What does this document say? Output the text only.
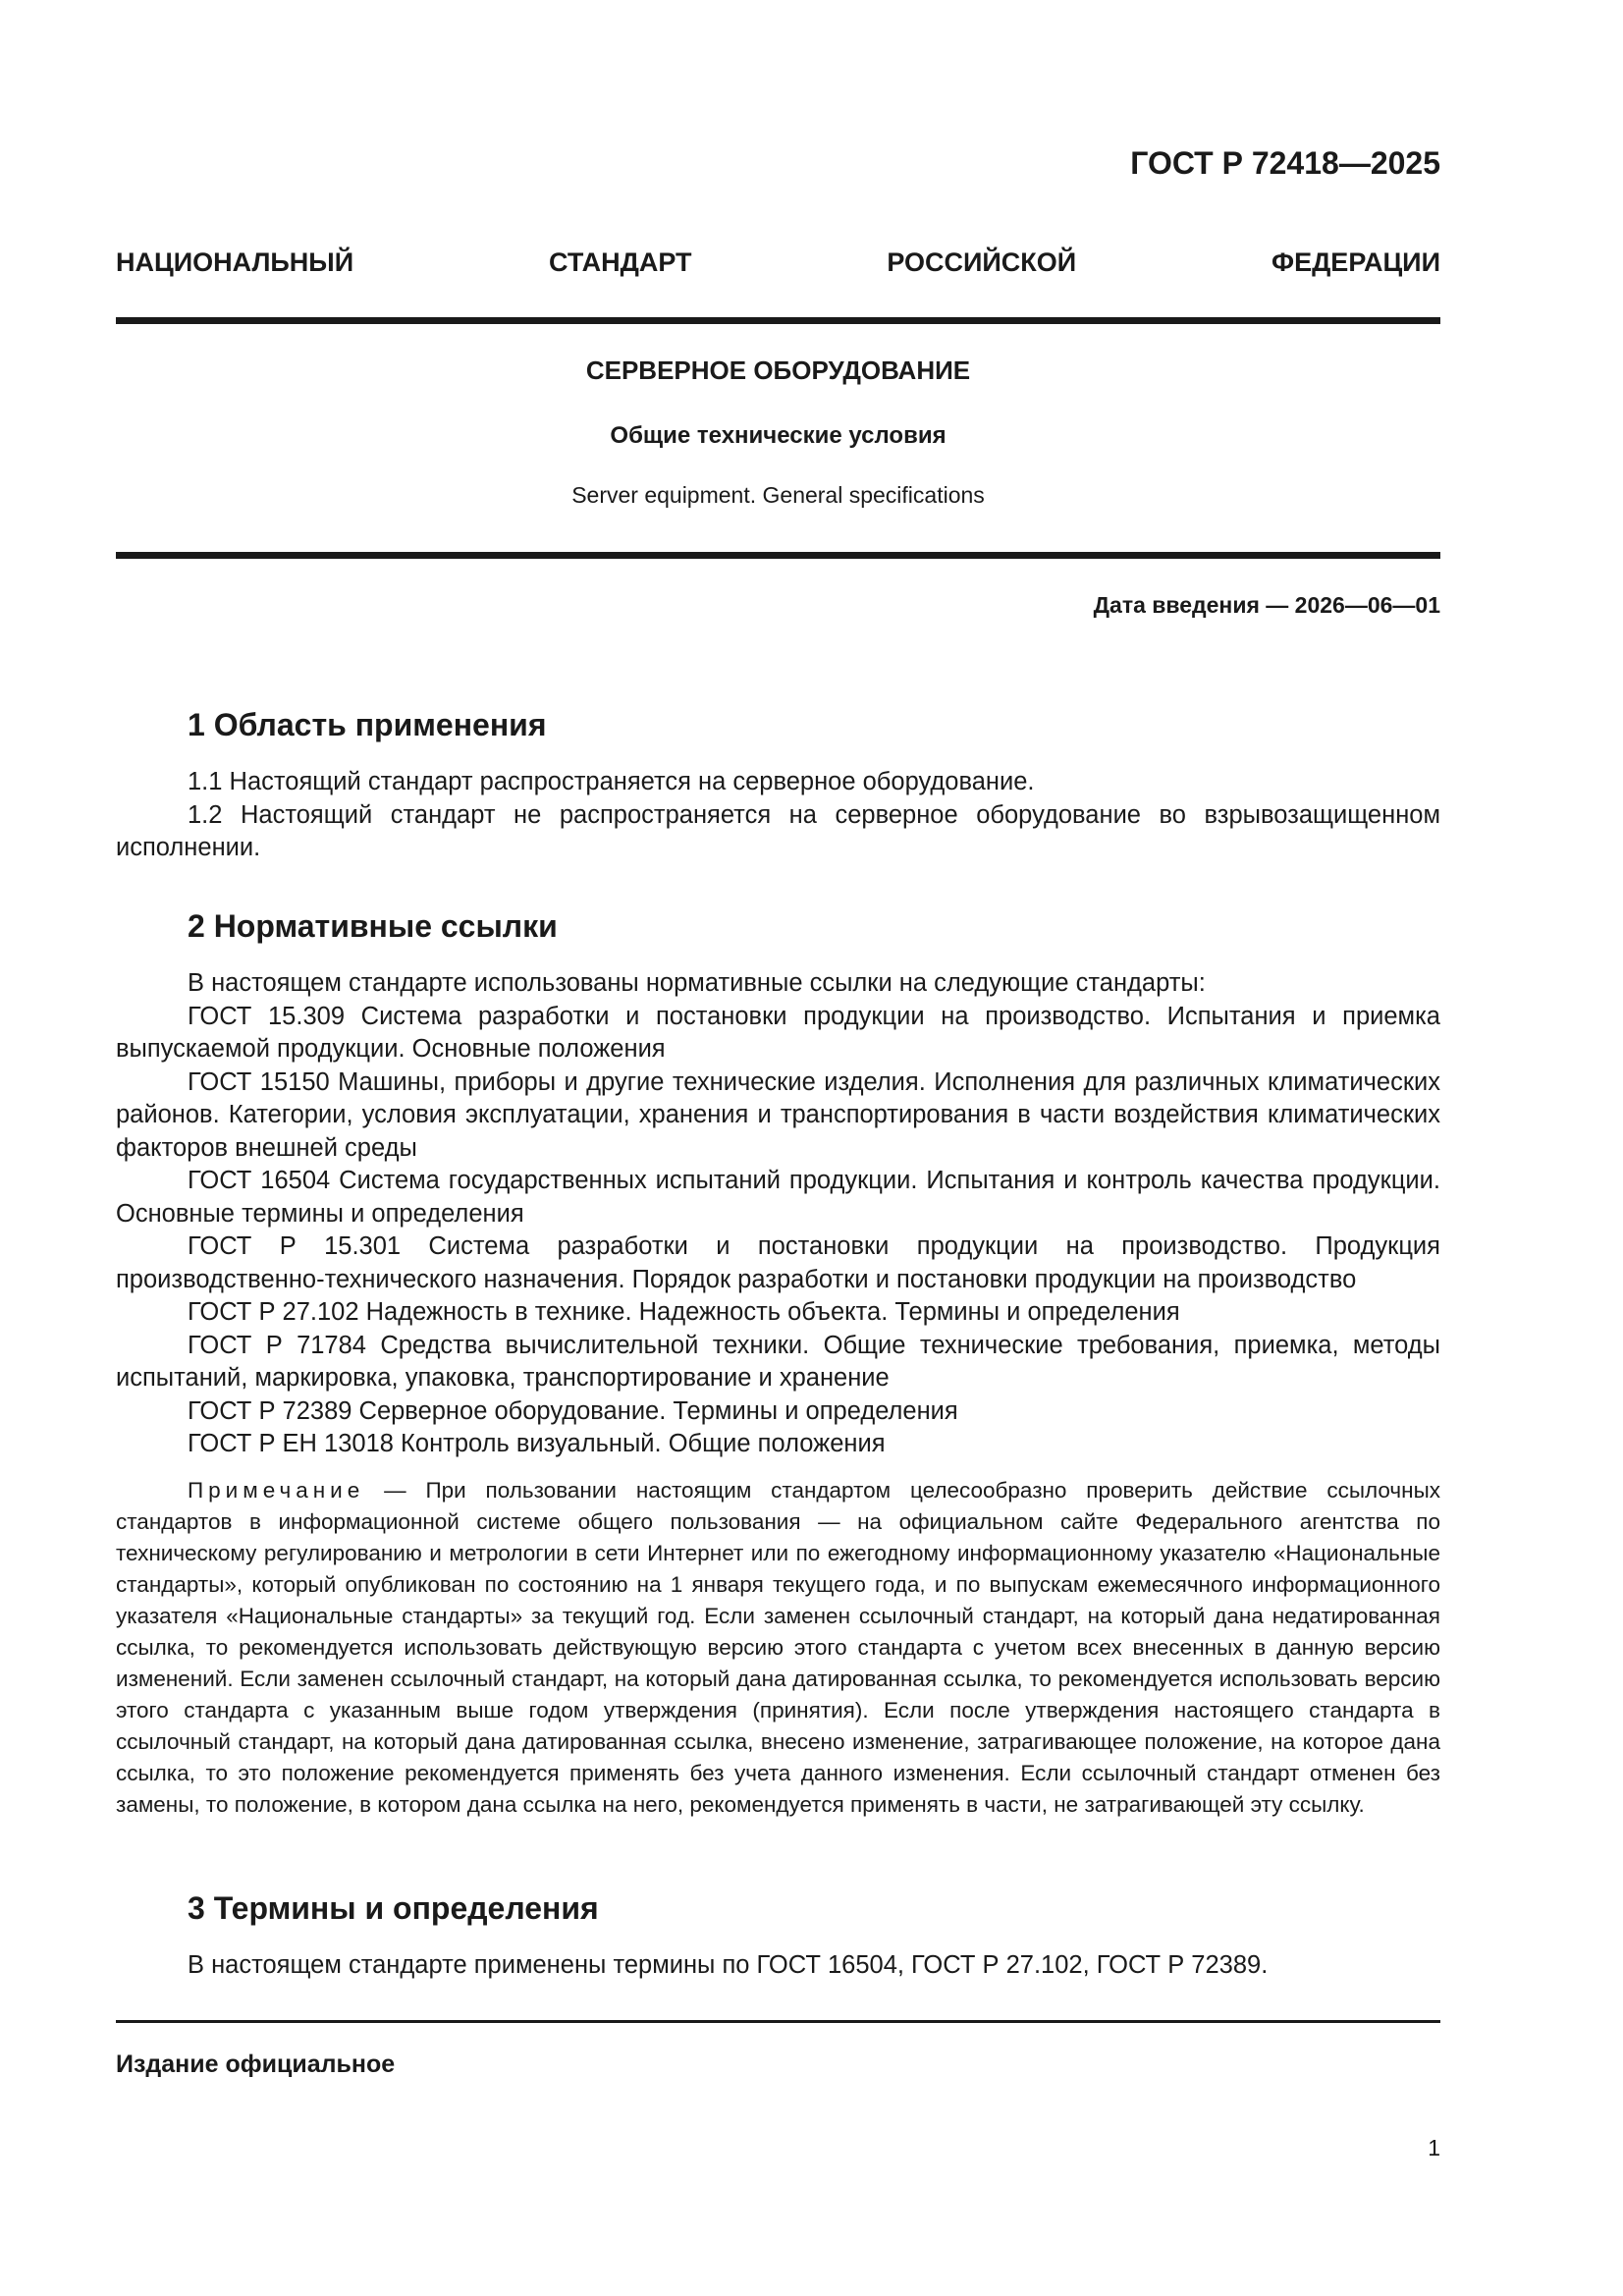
ГОСТ Р 72418—2025
НАЦИОНАЛЬНЫЙ СТАНДАРТ РОССИЙСКОЙ ФЕДЕРАЦИИ
СЕРВЕРНОЕ ОБОРУДОВАНИЕ
Общие технические условия
Server equipment. General specifications
Дата введения — 2026—06—01
1 Область применения

1.1 Настоящий стандарт распространяется на серверное оборудование.

1.2 Настоящий стандарт не распространяется на серверное оборудование во взрывозащищенном исполнении.

2 Нормативные ссылки

В настоящем стандарте использованы нормативные ссылки на следующие стандарты:

ГОСТ 15.309 Система разработки и постановки продукции на производство. Испытания и приемка выпускаемой продукции. Основные положения

ГОСТ 15150 Машины, приборы и другие технические изделия. Исполнения для различных климатических районов. Категории, условия эксплуатации, хранения и транспортирования в части воздействия климатических факторов внешней среды

ГОСТ 16504 Система государственных испытаний продукции. Испытания и контроль качества продукции. Основные термины и определения

ГОСТ Р 15.301 Система разработки и постановки продукции на производство. Продукция производственно-технического назначения. Порядок разработки и постановки продукции на производство

ГОСТ Р 27.102 Надежность в технике. Надежность объекта. Термины и определения

ГОСТ Р 71784 Средства вычислительной техники. Общие технические требования, приемка, методы испытаний, маркировка, упаковка, транспортирование и хранение

ГОСТ Р 72389 Серверное оборудование. Термины и определения

ГОСТ Р ЕН 13018 Контроль визуальный. Общие положения

Примечание — При пользовании настоящим стандартом целесообразно проверить действие ссылочных стандартов в информационной системе общего пользования — на официальном сайте Федерального агентства по техническому регулированию и метрологии в сети Интернет или по ежегодному информационному указателю «Национальные стандарты», который опубликован по состоянию на 1 января текущего года, и по выпускам ежемесячного информационного указателя «Национальные стандарты» за текущий год. Если заменен ссылочный стандарт, на который дана недатированная ссылка, то рекомендуется использовать действующую версию этого стандарта с учетом всех внесенных в данную версию изменений. Если заменен ссылочный стандарт, на который дана датированная ссылка, то рекомендуется использовать версию этого стандарта с указанным выше годом утверждения (принятия). Если после утверждения настоящего стандарта в ссылочный стандарт, на который дана датированная ссылка, внесено изменение, затрагивающее положение, на которое дана ссылка, то это положение рекомендуется применять без учета данного изменения. Если ссылочный стандарт отменен без замены, то положение, в котором дана ссылка на него, рекомендуется применять в части, не затрагивающей эту ссылку.
3 Термины и определения

В настоящем стандарте применены термины по ГОСТ 16504, ГОСТ Р 27.102, ГОСТ Р 72389.

Издание официальное
1
